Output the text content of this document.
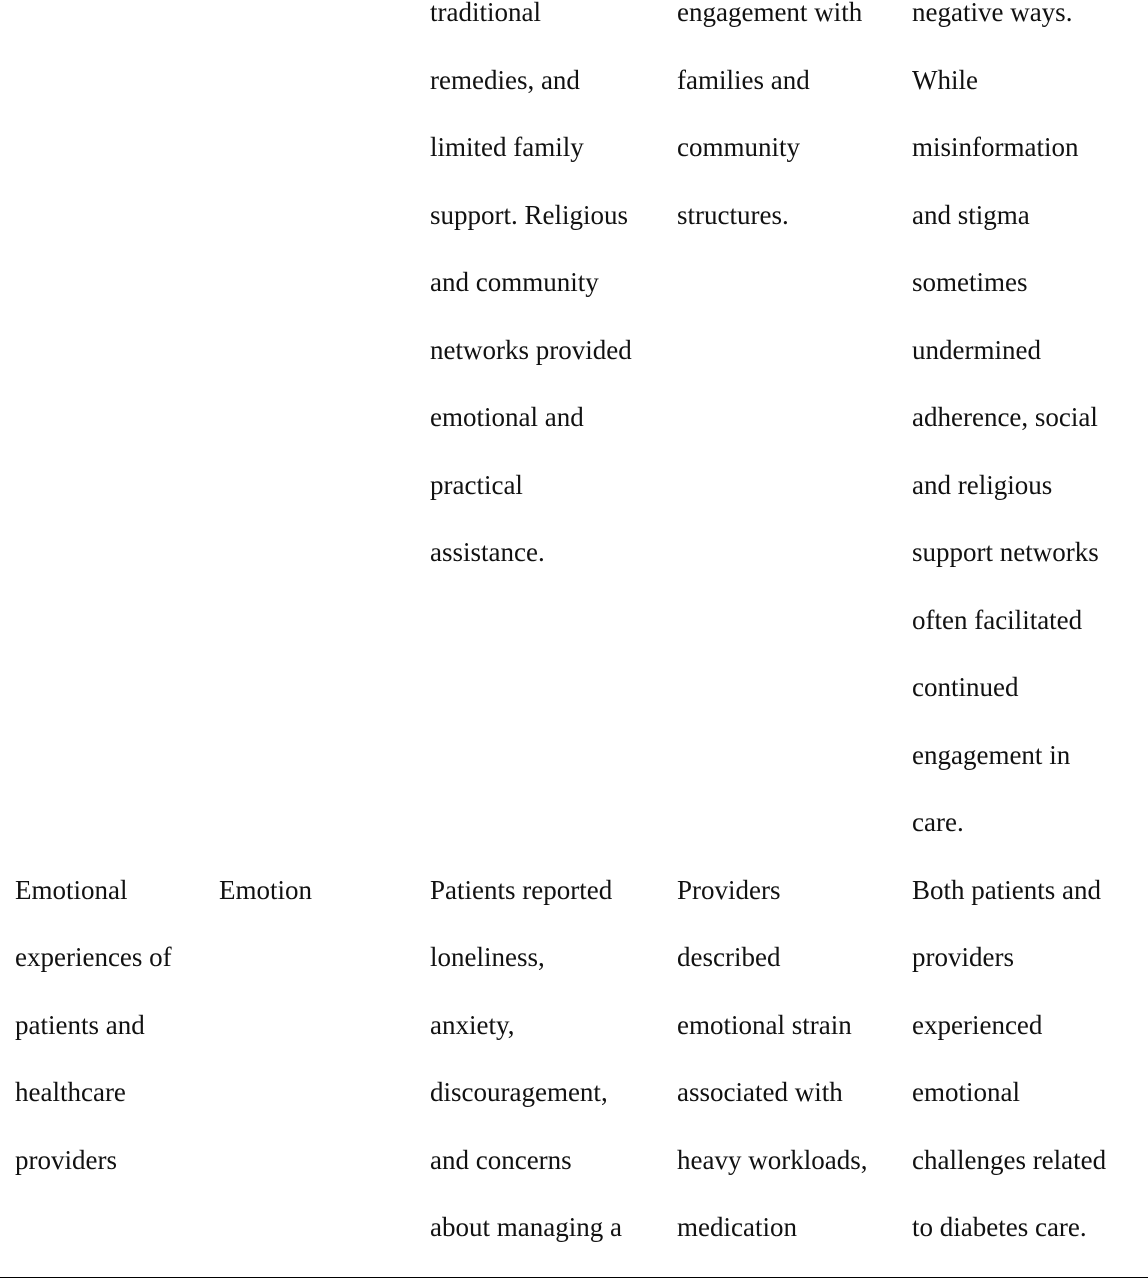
traditional
remedies, and
limited family
support. Religious
and community
networks provided
emotional and
practical
assistance.
engagement with
families and
community
structures.
negative ways.
While
misinformation
and stigma
sometimes
undermined
adherence, social
and religious
support networks
often facilitated
continued
engagement in
care.
Emotional
experiences of
patients and
healthcare
providers
Emotion	Patients reported
loneliness,
anxiety,
discouragement,
and concerns
about managing a
Providers
described
emotional strain
associated with
heavy workloads,
medication
Both patients and
providers
experienced
emotional
challenges related
to diabetes care.
